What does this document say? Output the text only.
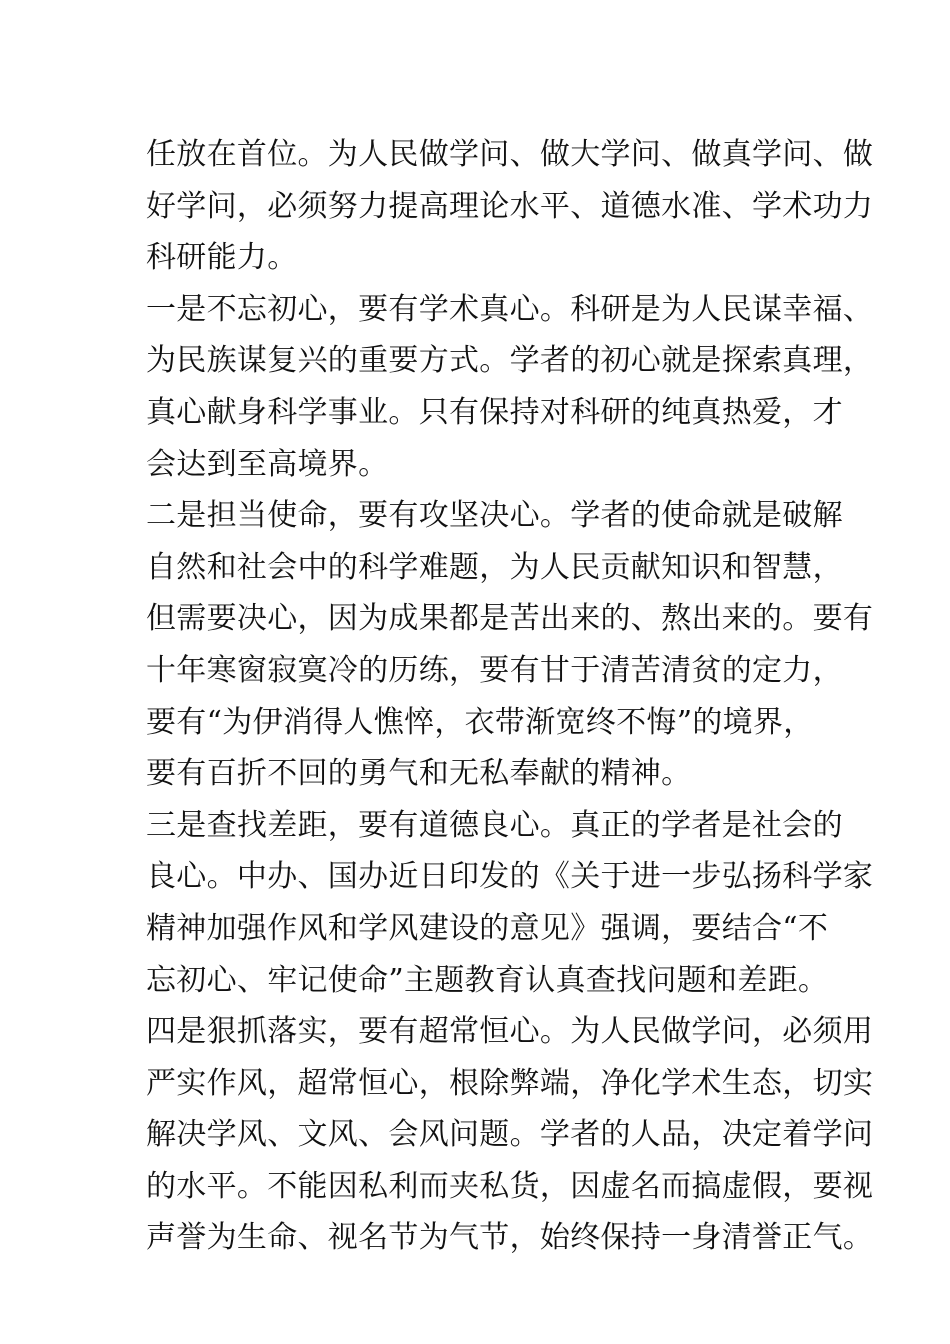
任放在首位。为人民做学问、做大学问、做真学问、做
好学问，必须努力提高理论水平、道德水准、学术功力
科研能力。
一是不忘初心，要有学术真心。科研是为人民谋幸福、
为民族谋复兴的重要方式。学者的初心就是探索真理，
真心献身科学事业。只有保持对科研的纯真热爱，才
会达到至高境界。
二是担当使命，要有攻坚决心。学者的使命就是破解
自然和社会中的科学难题，为人民贡献知识和智慧，
但需要决心，因为成果都是苦出来的、熬出来的。要有
十年寒窗寂寞冷的历练，要有甘于清苦清贫的定力，
要有“为伊消得人憔悴，衣带渐宽终不悔”的境界，
要有百折不回的勇气和无私奉献的精神。
三是查找差距，要有道德良心。真正的学者是社会的
良心。中办、国办近日印发的《关于进一步弘扬科学家
精神加强作风和学风建设的意见》强调，要结合“不
忘初心、牢记使命”主题教育认真查找问题和差距。
四是狠抓落实，要有超常恒心。为人民做学问，必须用
严实作风，超常恒心，根除弊端，净化学术生态，切实
解决学风、文风、会风问题。学者的人品，决定着学问
的水平。不能因私利而夹私货，因虚名而搞虚假，要视
声誉为生命、视名节为气节，始终保持一身清誉正气。
